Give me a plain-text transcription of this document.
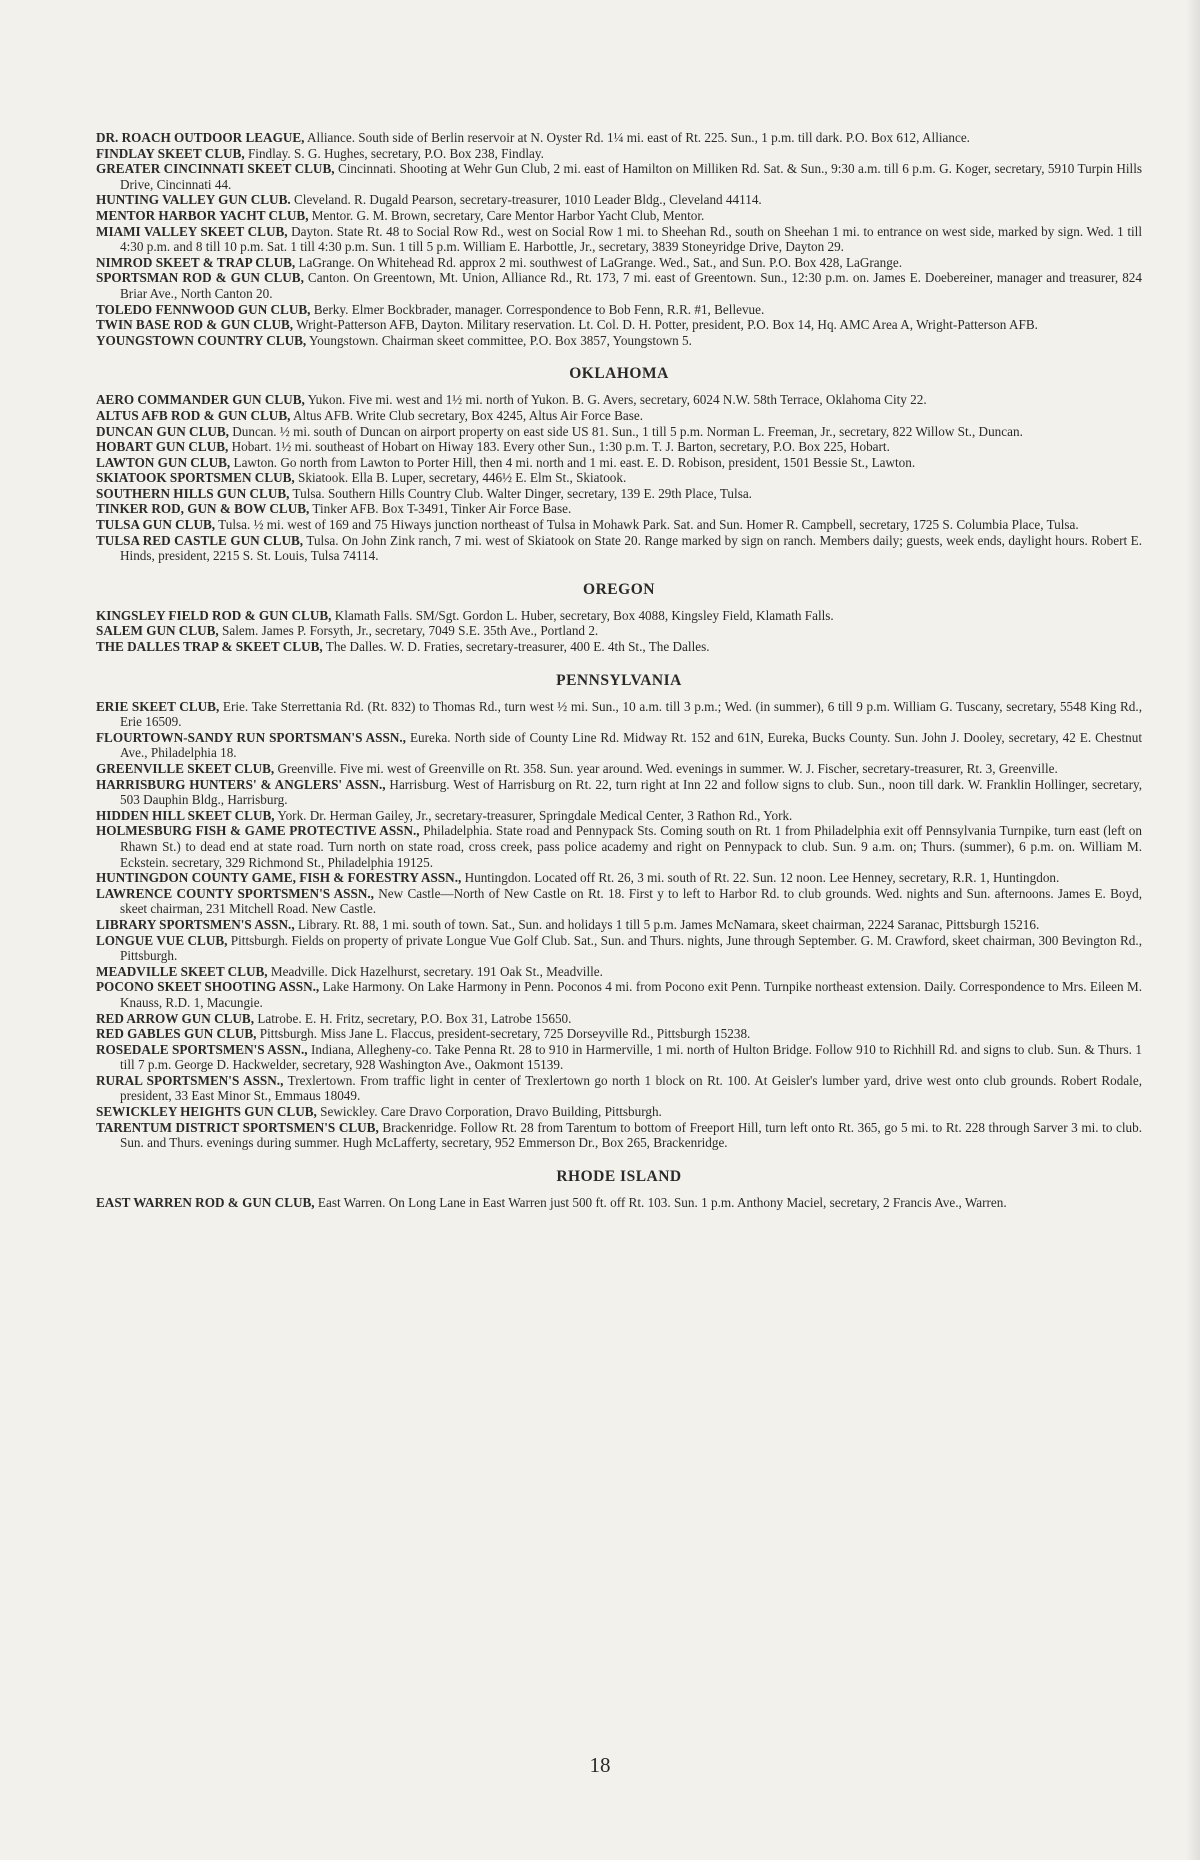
DR. ROACH OUTDOOR LEAGUE, Alliance. South side of Berlin reservoir at N. Oyster Rd. 1¼ mi. east of Rt. 225. Sun., 1 p.m. till dark. P.O. Box 612, Alliance.

FINDLAY SKEET CLUB, Findlay. S. G. Hughes, secretary, P.O. Box 238, Findlay.

GREATER CINCINNATI SKEET CLUB, Cincinnati. Shooting at Wehr Gun Club, 2 mi. east of Hamilton on Milliken Rd. Sat. & Sun., 9:30 a.m. till 6 p.m. G. Koger, secretary, 5910 Turpin Hills Drive, Cincinnati 44.

HUNTING VALLEY GUN CLUB. Cleveland. R. Dugald Pearson, secretary-treasurer, 1010 Leader Bldg., Cleveland 44114.

MENTOR HARBOR YACHT CLUB, Mentor. G. M. Brown, secretary, Care Mentor Harbor Yacht Club, Mentor.

MIAMI VALLEY SKEET CLUB, Dayton. State Rt. 48 to Social Row Rd., west on Social Row 1 mi. to Sheehan Rd., south on Sheehan 1 mi. to entrance on west side, marked by sign. Wed. 1 till 4:30 p.m. and 8 till 10 p.m. Sat. 1 till 4:30 p.m. Sun. 1 till 5 p.m. William E. Harbottle, Jr., secretary, 3839 Stoneyridge Drive, Dayton 29.

NIMROD SKEET & TRAP CLUB, LaGrange. On Whitehead Rd. approx 2 mi. southwest of LaGrange. Wed., Sat., and Sun. P.O. Box 428, LaGrange.

SPORTSMAN ROD & GUN CLUB, Canton. On Greentown, Mt. Union, Alliance Rd., Rt. 173, 7 mi. east of Greentown. Sun., 12:30 p.m. on. James E. Doebereiner, manager and treasurer, 824 Briar Ave., North Canton 20.

TOLEDO FENNWOOD GUN CLUB, Berky. Elmer Bockbrader, manager. Correspondence to Bob Fenn, R.R. #1, Bellevue.

TWIN BASE ROD & GUN CLUB, Wright-Patterson AFB, Dayton. Military reservation. Lt. Col. D. H. Potter, president, P.O. Box 14, Hq. AMC Area A, Wright-Patterson AFB.

YOUNGSTOWN COUNTRY CLUB, Youngstown. Chairman skeet committee, P.O. Box 3857, Youngstown 5.

OKLAHOMA

AERO COMMANDER GUN CLUB, Yukon. Five mi. west and 1½ mi. north of Yukon. B. G. Avers, secretary, 6024 N.W. 58th Terrace, Oklahoma City 22.

ALTUS AFB ROD & GUN CLUB, Altus AFB. Write Club secretary, Box 4245, Altus Air Force Base.

DUNCAN GUN CLUB, Duncan. ½ mi. south of Duncan on airport property on east side US 81. Sun., 1 till 5 p.m. Norman L. Freeman, Jr., secretary, 822 Willow St., Duncan.

HOBART GUN CLUB, Hobart. 1½ mi. southeast of Hobart on Hiway 183. Every other Sun., 1:30 p.m. T. J. Barton, secretary, P.O. Box 225, Hobart.

LAWTON GUN CLUB, Lawton. Go north from Lawton to Porter Hill, then 4 mi. north and 1 mi. east. E. D. Robison, president, 1501 Bessie St., Lawton.

SKIATOOK SPORTSMEN CLUB, Skiatook. Ella B. Luper, secretary, 446½ E. Elm St., Skiatook.

SOUTHERN HILLS GUN CLUB, Tulsa. Southern Hills Country Club. Walter Dinger, secretary, 139 E. 29th Place, Tulsa.

TINKER ROD, GUN & BOW CLUB, Tinker AFB. Box T-3491, Tinker Air Force Base.

TULSA GUN CLUB, Tulsa. ½ mi. west of 169 and 75 Hiways junction northeast of Tulsa in Mohawk Park. Sat. and Sun. Homer R. Campbell, secretary, 1725 S. Columbia Place, Tulsa.

TULSA RED CASTLE GUN CLUB, Tulsa. On John Zink ranch, 7 mi. west of Skiatook on State 20. Range marked by sign on ranch. Members daily; guests, week ends, daylight hours. Robert E. Hinds, president, 2215 S. St. Louis, Tulsa 74114.

OREGON

KINGSLEY FIELD ROD & GUN CLUB, Klamath Falls. SM/Sgt. Gordon L. Huber, secretary, Box 4088, Kingsley Field, Klamath Falls.

SALEM GUN CLUB, Salem. James P. Forsyth, Jr., secretary, 7049 S.E. 35th Ave., Portland 2.

THE DALLES TRAP & SKEET CLUB, The Dalles. W. D. Fraties, secretary-treasurer, 400 E. 4th St., The Dalles.

PENNSYLVANIA

ERIE SKEET CLUB, Erie. Take Sterrettania Rd. (Rt. 832) to Thomas Rd., turn west ½ mi. Sun., 10 a.m. till 3 p.m.; Wed. (in summer), 6 till 9 p.m. William G. Tuscany, secretary, 5548 King Rd., Erie 16509.

FLOURTOWN-SANDY RUN SPORTSMAN'S ASSN., Eureka. North side of County Line Rd. Midway Rt. 152 and 61N, Eureka, Bucks County. Sun. John J. Dooley, secretary, 42 E. Chestnut Ave., Philadelphia 18.

GREENVILLE SKEET CLUB, Greenville. Five mi. west of Greenville on Rt. 358. Sun. year around. Wed. evenings in summer. W. J. Fischer, secretary-treasurer, Rt. 3, Greenville.

HARRISBURG HUNTERS' & ANGLERS' ASSN., Harrisburg. West of Harrisburg on Rt. 22, turn right at Inn 22 and follow signs to club. Sun., noon till dark. W. Franklin Hollinger, secretary, 503 Dauphin Bldg., Harrisburg.

HIDDEN HILL SKEET CLUB, York. Dr. Herman Gailey, Jr., secretary-treasurer, Springdale Medical Center, 3 Rathon Rd., York.

HOLMESBURG FISH & GAME PROTECTIVE ASSN., Philadelphia. State road and Pennypack Sts. Coming south on Rt. 1 from Philadelphia exit off Pennsylvania Turnpike, turn east (left on Rhawn St.) to dead end at state road. Turn north on state road, cross creek, pass police academy and right on Pennypack to club. Sun. 9 a.m. on; Thurs. (summer), 6 p.m. on. William M. Eckstein. secretary, 329 Richmond St., Philadelphia 19125.

HUNTINGDON COUNTY GAME, FISH & FORESTRY ASSN., Huntingdon. Located off Rt. 26, 3 mi. south of Rt. 22. Sun. 12 noon. Lee Henney, secretary, R.R. 1, Huntingdon.

LAWRENCE COUNTY SPORTSMEN'S ASSN., New Castle—North of New Castle on Rt. 18. First y to left to Harbor Rd. to club grounds. Wed. nights and Sun. afternoons. James E. Boyd, skeet chairman, 231 Mitchell Road. New Castle.

LIBRARY SPORTSMEN'S ASSN., Library. Rt. 88, 1 mi. south of town. Sat., Sun. and holidays 1 till 5 p.m. James McNamara, skeet chairman, 2224 Saranac, Pittsburgh 15216.

LONGUE VUE CLUB, Pittsburgh. Fields on property of private Longue Vue Golf Club. Sat., Sun. and Thurs. nights, June through September. G. M. Crawford, skeet chairman, 300 Bevington Rd., Pittsburgh.

MEADVILLE SKEET CLUB, Meadville. Dick Hazelhurst, secretary. 191 Oak St., Meadville.

POCONO SKEET SHOOTING ASSN., Lake Harmony. On Lake Harmony in Penn. Poconos 4 mi. from Pocono exit Penn. Turnpike northeast extension. Daily. Correspondence to Mrs. Eileen M. Knauss, R.D. 1, Macungie.

RED ARROW GUN CLUB, Latrobe. E. H. Fritz, secretary, P.O. Box 31, Latrobe 15650.

RED GABLES GUN CLUB, Pittsburgh. Miss Jane L. Flaccus, president-secretary, 725 Dorseyville Rd., Pittsburgh 15238.

ROSEDALE SPORTSMEN'S ASSN., Indiana, Allegheny-co. Take Penna Rt. 28 to 910 in Harmerville, 1 mi. north of Hulton Bridge. Follow 910 to Richhill Rd. and signs to club. Sun. & Thurs. 1 till 7 p.m. George D. Hackwelder, secretary, 928 Washington Ave., Oakmont 15139.

RURAL SPORTSMEN'S ASSN., Trexlertown. From traffic light in center of Trexlertown go north 1 block on Rt. 100. At Geisler's lumber yard, drive west onto club grounds. Robert Rodale, president, 33 East Minor St., Emmaus 18049.

SEWICKLEY HEIGHTS GUN CLUB, Sewickley. Care Dravo Corporation, Dravo Building, Pittsburgh.

TARENTUM DISTRICT SPORTSMEN'S CLUB, Brackenridge. Follow Rt. 28 from Tarentum to bottom of Freeport Hill, turn left onto Rt. 365, go 5 mi. to Rt. 228 through Sarver 3 mi. to club. Sun. and Thurs. evenings during summer. Hugh McLafferty, secretary, 952 Emmerson Dr., Box 265, Brackenridge.

RHODE ISLAND

EAST WARREN ROD & GUN CLUB, East Warren. On Long Lane in East Warren just 500 ft. off Rt. 103. Sun. 1 p.m. Anthony Maciel, secretary, 2 Francis Ave., Warren.

18
